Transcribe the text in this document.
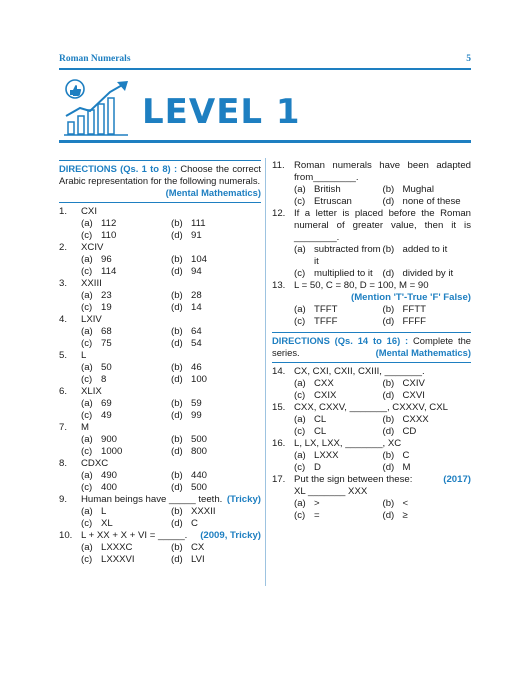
Roman Numerals	5
LEVEL 1
DIRECTIONS (Qs. 1 to 8) : Choose the correct Arabic representation for the following numerals.
(Mental Mathematics)
1.	CXI
(a) 112	(b) 111
(c) 110	(d) 91
2.	XCIV
(a) 96	(b) 104
(c) 114	(d) 94
3.	XXIII
(a) 23	(b) 28
(c) 19	(d) 14
4.	LXIV
(a) 68	(b) 64
(c) 75	(d) 54
5.	L
(a) 50	(b) 46
(c) 8	(d) 100
6.	XLIX
(a) 69	(b) 59
(c) 49	(d) 99
7.	M
(a) 900	(b) 500
(c) 1000	(d) 800
8.	CDXC
(a) 490	(b) 440
(c) 400	(d) 500
9.	Human beings have _____ teeth. (Tricky)
(a) L	(b) XXXII
(c) XL	(d) C
10. L + XX + X + VI = _____. (2009, Tricky)
(a) LXXXC	(b) CX
(c) LXXXVI	(d) LVI
11. Roman numerals have been adapted from________.
(a) British	(b) Mughal
(c) Etruscan	(d) none of these
12. If a letter is placed before the Roman numeral of greater value, then it is ________.
(a) subtracted from it
(b) added to it
(c) multiplied to it (d) divided by it
13. L = 50, C = 80, D = 100, M = 90
(Mention 'T'-True 'F' False)
(a) TFFT	(b) FFTT
(c) TFFF	(d) FFFF
DIRECTIONS (Qs. 14 to 16) : Complete the series.	(Mental Mathematics)
14. CX, CXI, CXII, CXIII, _______.
(a) CXX	(b) CXIV
(c) CXIX	(d) CXVI
15. CXX, CXXV, _______, CXXXV, CXL
(a) CL	(b) CXXX
(c) CL	(d) CD
16. L, LX, LXX, _______, XC
(a) LXXX	(b) C
(c) D	(d) M
17. Put the sign between these:	(2017)
XL _______ XXX
(a) >	(b) <
(c) =	(d) ≥
